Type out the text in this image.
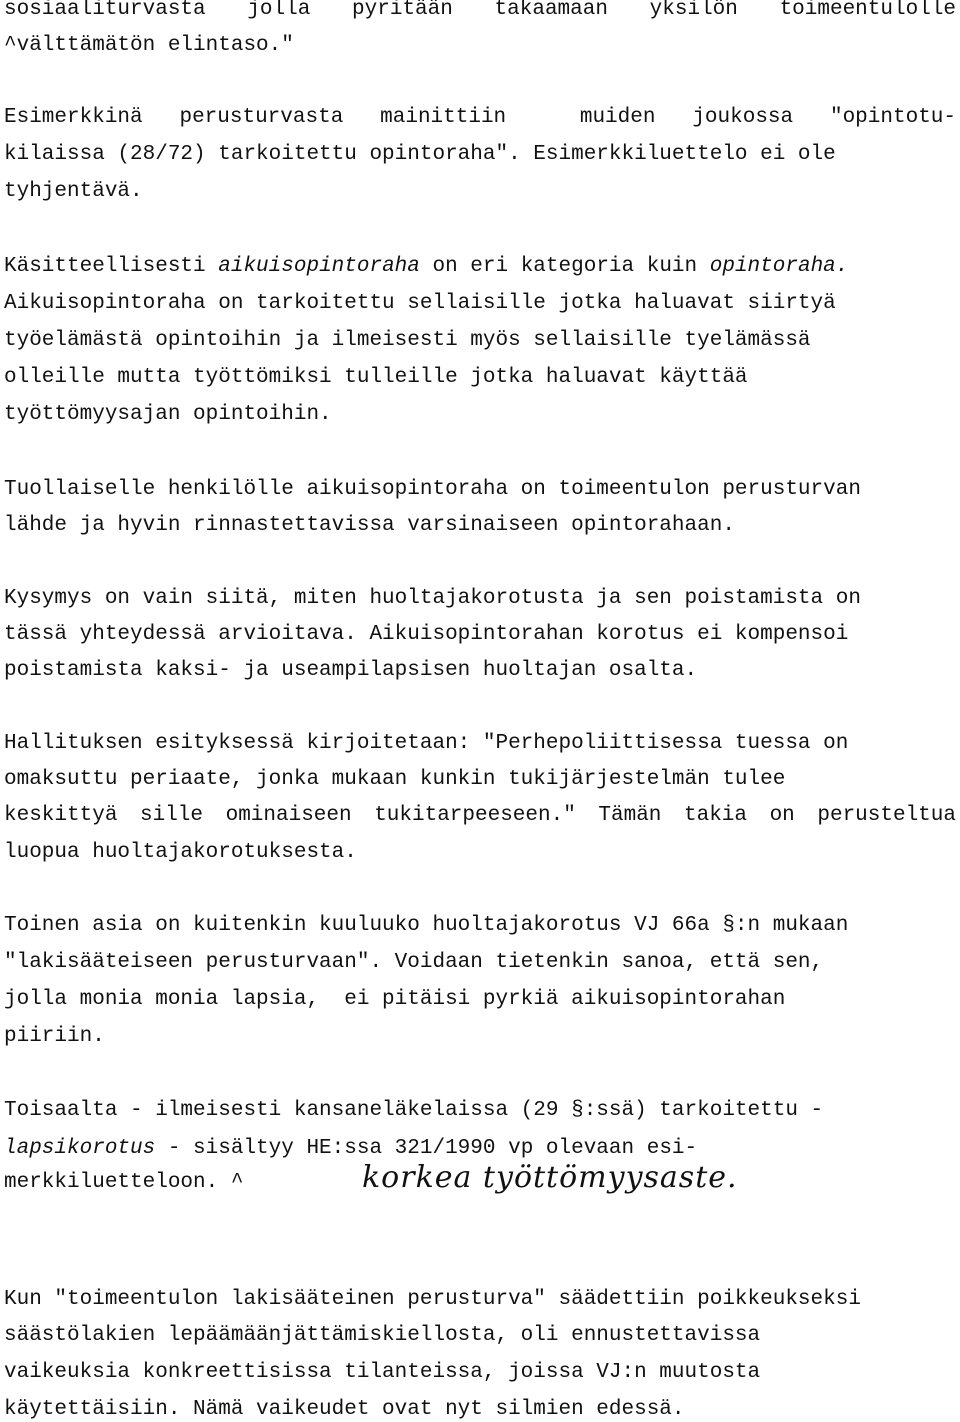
sosiaaliturvasta jolla pyritään takaamaan yksilön toimeentulolle
^välttämätön elintaso."
Esimerkkinä perusturvasta mainittiin  muiden joukossa "opintotu-
kilaissa (28/72) tarkoitettu opintoraha". Esimerkkiluettelo ei ole
tyhjentävä.
Käsitteellisesti aikuisopintoraha on eri kategoria kuin opintoraha.
Aikuisopintoraha on tarkoitettu sellaisille jotka haluavat siirtyä
työelämästä opintoihin ja ilmeisesti myös sellaisille tyelämässä
olleille mutta työttömiksi tulleille jotka haluavat käyttää
työttömyysajan opintoihin.
Tuollaiselle henkilölle aikuisopintoraha on toimeentulon perusturvan
lähde ja hyvin rinnastettavissa varsinaiseen opintorahaan.
Kysymys on vain siitä, miten huoltajakorotusta ja sen poistamista on
tässä yhteydessä arvioitava. Aikuisopintorahan korotus ei kompensoi
poistamista kaksi- ja useampilapsisen huoltajan osalta.
Hallituksen esityksessä kirjoitetaan: "Perhepoliittisessa tuessa on
omaksuttu periaate, jonka mukaan kunkin tukijärjestelmän tulee
keskittyä sille ominaiseen tukitarpeeseen." Tämän takia on perusteltua
luopua huoltajakorotuksesta.
Toinen asia on kuitenkin kuuluuko huoltajakorotus VJ 66a §:n mukaan
"lakisääteiseen perusturvaan". Voidaan tietenkin sanoa, että sen,
jolla monia monia lapsia,  ei pitäisi pyrkiä aikuisopintorahan
piiriin.
Toisaalta - ilmeisesti kansaneläkelaissa (29 §:ssä) tarkoitettu -
lapsikorotus - sisältyy HE:ssa 321/1990 vp olevaan esi-
merkkiluetteloon. ^	korkea työttömyysaste.
Kun "toimeentulon lakisääteinen perusturva" säädettiin poikkeukseksi
säästölakien lepäämäänjättämiskiellosta, oli ennustettavissa
vaikeuksia konkreettisissa tilanteissa, joissa VJ:n muutosta
käytettäisiin. Nämä vaikeudet ovat nyt silmien edessä.
